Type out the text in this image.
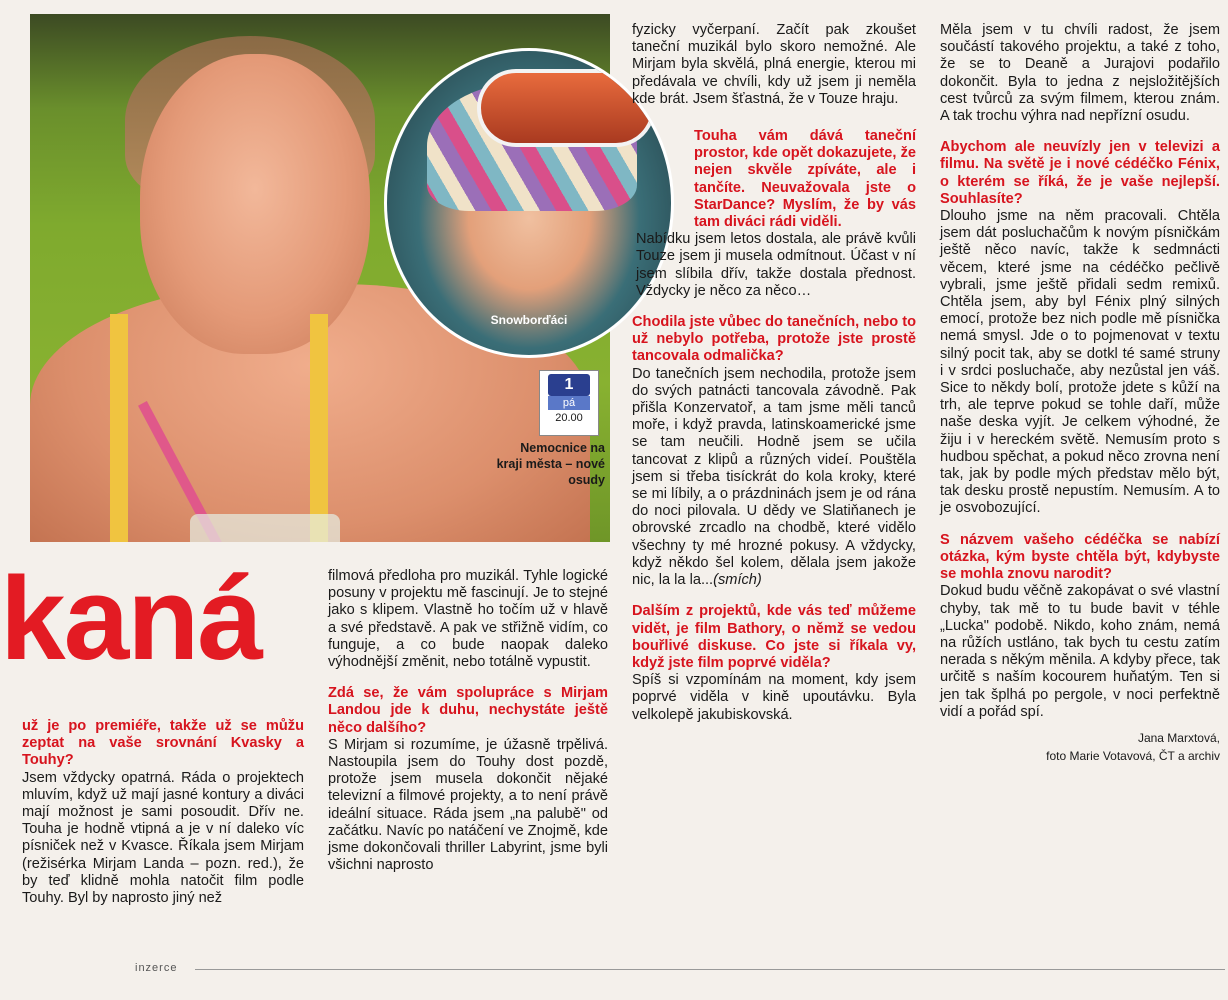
Snowborďáci
1
pá
20.00
Nemocnice na kraji města – nové osudy
kaná

už je po premiéře, takže už se můžu zeptat na vaše srovnání Kvasky a Touhy?

Jsem vždycky opatrná. Ráda o projektech mluvím, když už mají jasné kontury a diváci mají možnost je sami posoudit. Dřív ne. Touha je hodně vtipná a je v ní daleko víc písniček než v Kvasce. Říkala jsem Mirjam (režisérka Mirjam Landa – pozn. red.), že by teď klidně mohla natočit film podle Touhy. Byl by naprosto jiný než

filmová předloha pro muzikál. Tyhle logické posuny v projektu mě fascinují. Je to stejné jako s klipem. Vlastně ho točím už v hlavě a své představě. A pak ve střižně vidím, co funguje, a co bude naopak daleko výhodnější změnit, nebo totálně vypustit.

Zdá se, že vám spolupráce s Mirjam Landou jde k duhu, nechystáte ještě něco dalšího?

S Mirjam si rozumíme, je úžasně trpělivá. Nastoupila jsem do Touhy dost pozdě, protože jsem musela dokončit nějaké televizní a filmové projekty, a to není právě ideální situace. Ráda jsem „na palubě" od začátku. Navíc po natáčení ve Znojmě, kde jsme dokončovali thriller Labyrint, jsme byli všichni naprosto

fyzicky vyčerpaní. Začít pak zkoušet taneční muzikál bylo skoro nemožné. Ale Mirjam byla skvělá, plná energie, kterou mi předávala ve chvíli, kdy už jsem ji neměla kde brát. Jsem šťastná, že v Touze hraju.

Touha vám dává taneční prostor, kde opět dokazujete, že nejen skvěle zpíváte, ale i tančíte. Neuvažovala jste o StarDance? Myslím, že by vás tam diváci rádi viděli.

Nabídku jsem letos dostala, ale právě kvůli Touze jsem ji musela odmítnout. Účast v ní jsem slíbila dřív, takže dostala přednost. Vždycky je něco za něco…

Chodila jste vůbec do tanečních, nebo to už nebylo potřeba, protože jste prostě tancovala odmalička?

Do tanečních jsem nechodila, protože jsem do svých patnácti tancovala závodně. Pak přišla Konzervatoř, a tam jsme měli tanců moře, i když pravda, latinskoamerické jsme se tam neučili. Hodně jsem se učila tancovat z klipů a různých videí. Pouštěla jsem si třeba tisíckrát do kola kroky, které se mi líbily, a o prázdninách jsem je od rána do noci pilovala. U dědy ve Slatiňanech je obrovské zrcadlo na chodbě, které vidělo všechny ty mé hrozné pokusy. A vždycky, když někdo šel kolem, dělala jsem jakože nic, la la la...(smích)

Dalším z projektů, kde vás teď můžeme vidět, je film Bathory, o němž se vedou bouřlivé diskuse. Co jste si říkala vy, když jste film poprvé viděla?

Spíš si vzpomínám na moment, kdy jsem poprvé viděla v kině upoutávku. Byla velkolepě jakubiskovská.

Měla jsem v tu chvíli radost, že jsem součástí takového projektu, a také z toho, že se to Deaně a Jurajovi podařilo dokončit. Byla to jedna z nejsložitějších cest tvůrců za svým filmem, kterou znám. A tak trochu výhra nad nepřízní osudu.

Abychom ale neuvízly jen v televizi a filmu. Na světě je i nové cédéčko Fénix, o kterém se říká, že je vaše nejlepší. Souhlasíte?

Dlouho jsme na něm pracovali. Chtěla jsem dát posluchačům k novým písničkám ještě něco navíc, takže k sedmnácti věcem, které jsme na cédéčko pečlivě vybrali, jsme ještě přidali sedm remixů. Chtěla jsem, aby byl Fénix plný silných emocí, protože bez nich podle mě písnička nemá smysl. Jde o to pojmenovat v textu silný pocit tak, aby se dotkl té samé struny i v srdci posluchače, aby nezůstal jen váš. Sice to někdy bolí, protože jdete s kůží na trh, ale teprve pokud se tohle daří, může naše deska vyjít. Je celkem výhodné, že žiju i v hereckém světě. Nemusím proto s hudbou spěchat, a pokud něco zrovna není tak, jak by podle mých představ mělo být, tak desku prostě nepustím. Nemusím. A to je osvobozující.

S názvem vašeho cédéčka se nabízí otázka, kým byste chtěla být, kdybyste se mohla znovu narodit?

Dokud budu věčně zakopávat o své vlastní chyby, tak mě to tu bude bavit v téhle „Lucka" podobě. Nikdo, koho znám, nemá na růžích ustláno, tak bych tu cestu zatím nerada s někým měnila. A kdyby přece, tak určitě s naším kocourem huňatým. Ten si jen tak šplhá po pergole, v noci perfektně vidí a pořád spí.

Jana Marxtová,
foto Marie Votavová, ČT a archiv
inzerce
